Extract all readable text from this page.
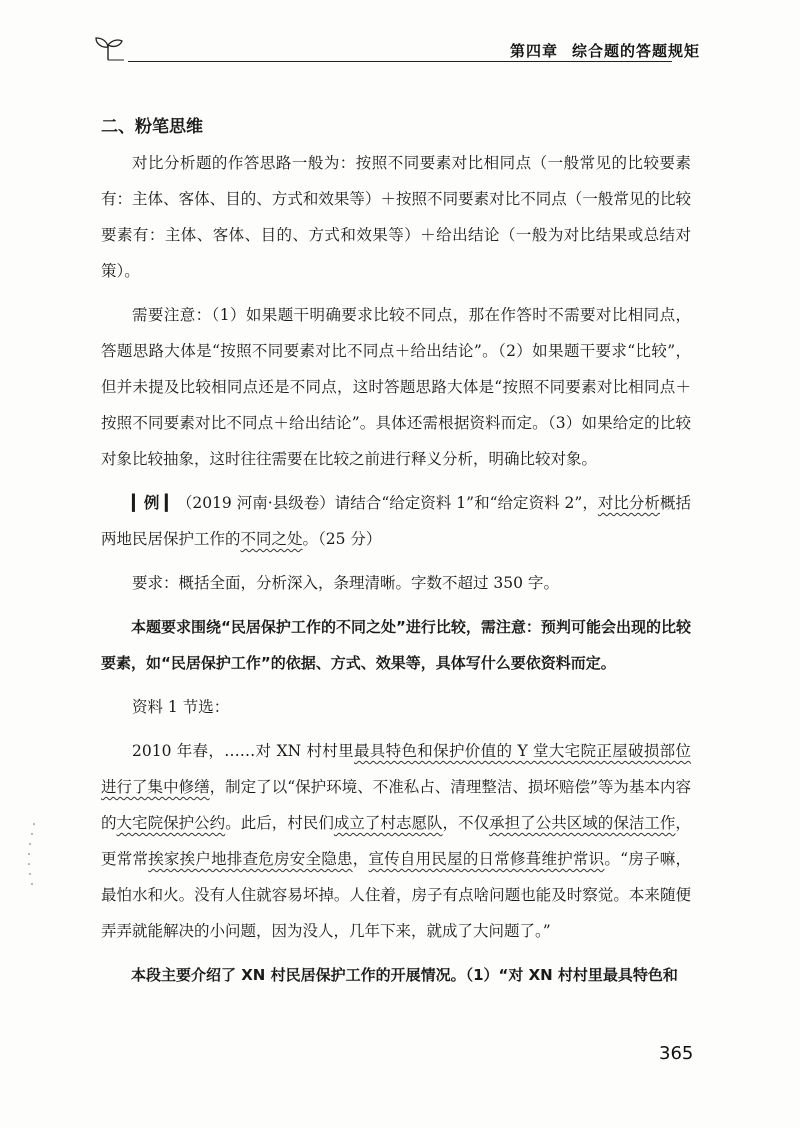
第四章 综合题的答题规矩
二、粉笔思维

对比分析题的作答思路一般为：按照不同要素对比相同点（一般常见的比较要素有：主体、客体、目的、方式和效果等）＋按照不同要素对比不同点（一般常见的比较要素有：主体、客体、目的、方式和效果等）＋给出结论（一般为对比结果或总结对策）。

需要注意：（1）如果题干明确要求比较不同点，那在作答时不需要对比相同点，答题思路大体是“按照不同要素对比不同点＋给出结论”。（2）如果题干要求“比较”，但并未提及比较相同点还是不同点，这时答题思路大体是“按照不同要素对比相同点＋按照不同要素对比不同点＋给出结论”。具体还需根据资料而定。（3）如果给定的比较对象比较抽象，这时往往需要在比较之前进行释义分析，明确比较对象。

▎例 ▎（2019 河南·县级卷）请结合“给定资料 1”和“给定资料 2”，对比分析概括两地民居保护工作的不同之处。（25 分）

要求：概括全面，分析深入，条理清晰。字数不超过 350 字。

本题要求围绕“民居保护工作的不同之处”进行比较，需注意：预判可能会出现的比较要素，如“民居保护工作”的依据、方式、效果等，具体写什么要依资料而定。

资料 1 节选：

2010 年春，……对 XN 村村里最具特色和保护价值的 Y 堂大宅院正屋破损部位进行了集中修缮，制定了以“保护环境、不准私占、清理整洁、损坏赔偿”等为基本内容的大宅院保护公约。此后，村民们成立了村志愿队，不仅承担了公共区域的保洁工作，更常常挨家挨户地排查危房安全隐患，宣传自用民屋的日常修葺维护常识。“房子嘛，最怕水和火。没有人住就容易坏掉。人住着，房子有点啥问题也能及时察觉。本来随便弄弄就能解决的小问题，因为没人，几年下来，就成了大问题了。”

本段主要介绍了 XN 村民居保护工作的开展情况。（1）“对 XN 村村里最具特色和

365
